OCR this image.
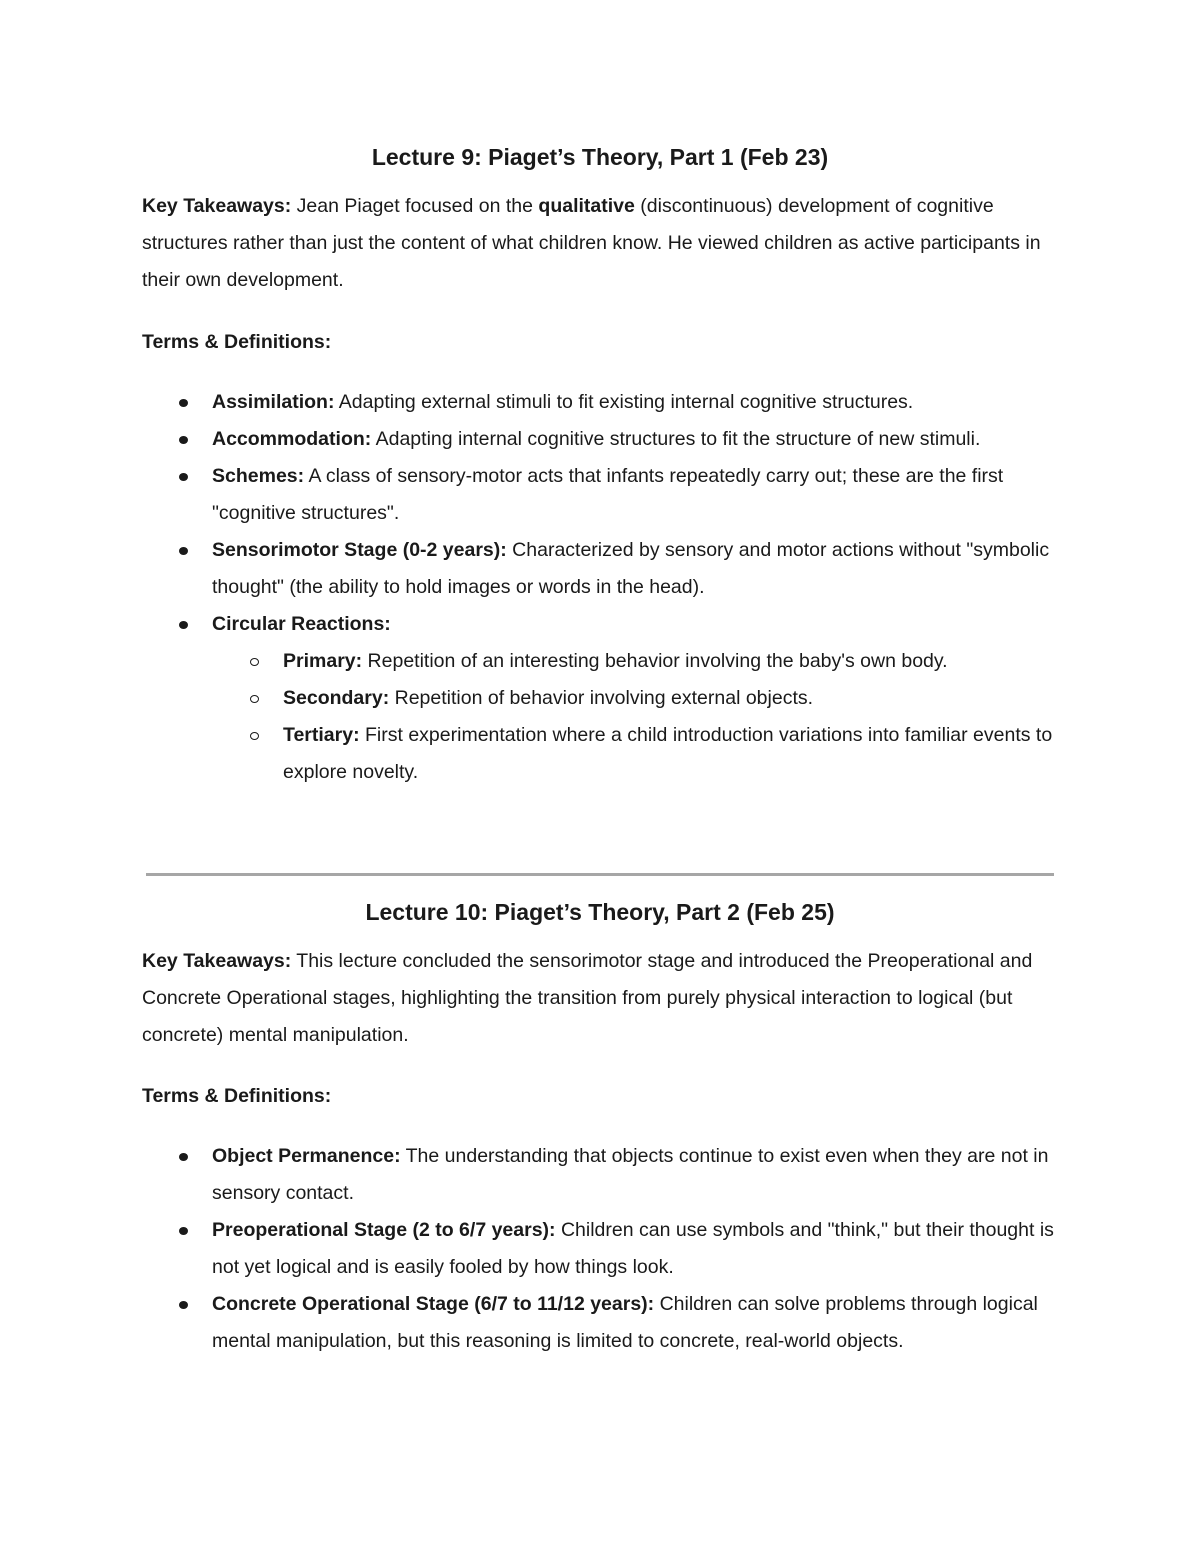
Lecture 9: Piaget’s Theory, Part 1 (Feb 23)

Key Takeaways: Jean Piaget focused on the qualitative (discontinuous) development of cognitive structures rather than just the content of what children know. He viewed children as active participants in their own development.

Terms & Definitions:

Assimilation: Adapting external stimuli to fit existing internal cognitive structures.
Accommodation: Adapting internal cognitive structures to fit the structure of new stimuli.
Schemes: A class of sensory-motor acts that infants repeatedly carry out; these are the first "cognitive structures".
Sensorimotor Stage (0-2 years): Characterized by sensory and motor actions without "symbolic thought" (the ability to hold images or words in the head).
Circular Reactions:
Primary: Repetition of an interesting behavior involving the baby's own body.
Secondary: Repetition of behavior involving external objects.
Tertiary: First experimentation where a child introduction variations into familiar events to explore novelty.
Lecture 10: Piaget’s Theory, Part 2 (Feb 25)

Key Takeaways: This lecture concluded the sensorimotor stage and introduced the Preoperational and Concrete Operational stages, highlighting the transition from purely physical interaction to logical (but concrete) mental manipulation.

Terms & Definitions:

Object Permanence: The understanding that objects continue to exist even when they are not in sensory contact.
Preoperational Stage (2 to 6/7 years): Children can use symbols and "think," but their thought is not yet logical and is easily fooled by how things look.
Concrete Operational Stage (6/7 to 11/12 years): Children can solve problems through logical mental manipulation, but this reasoning is limited to concrete, real-world objects.
